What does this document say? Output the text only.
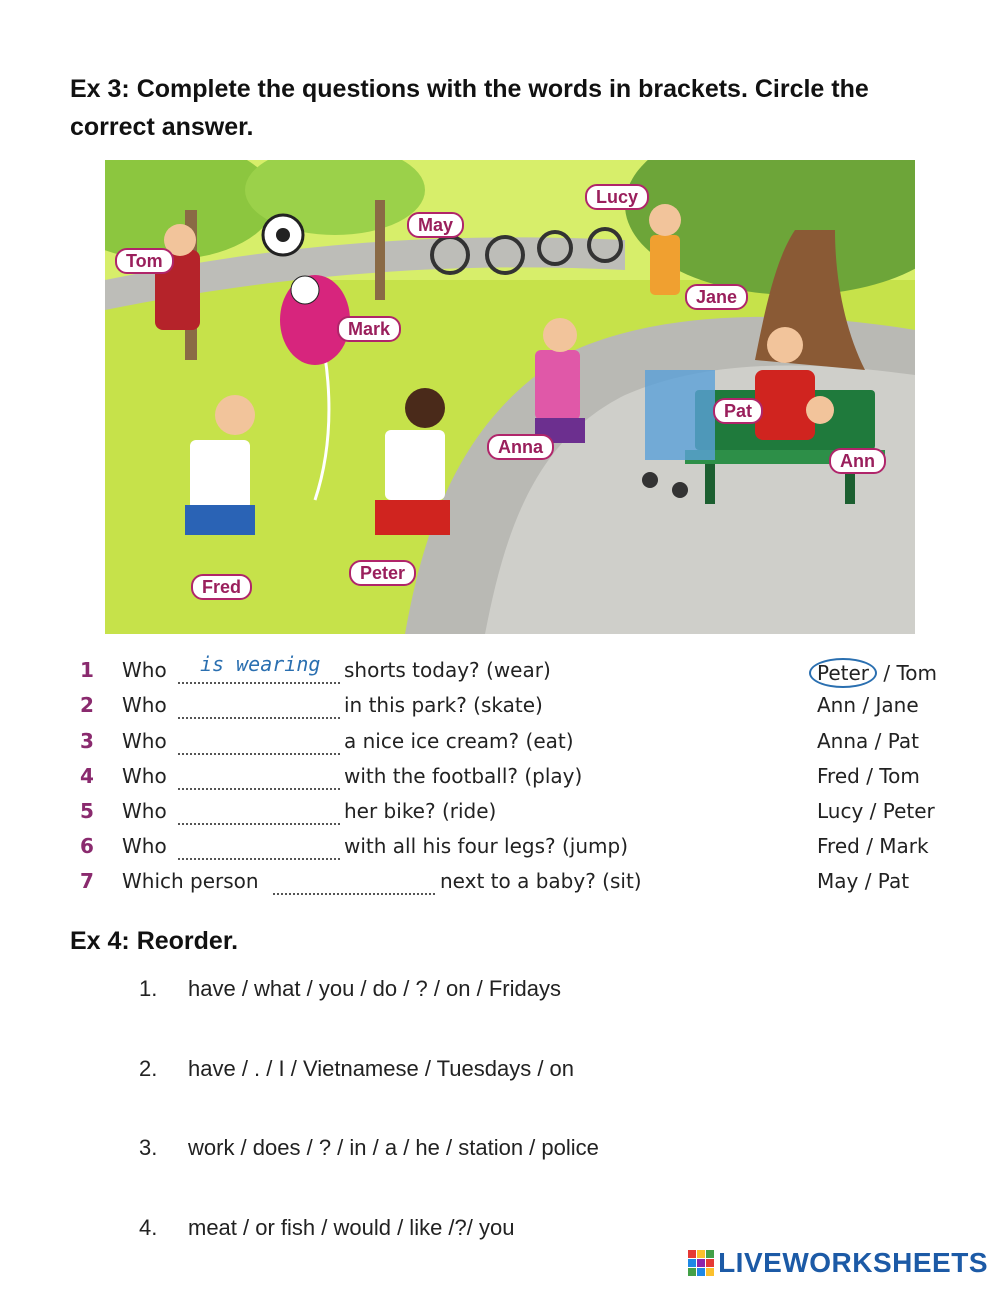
Ex 3: Complete the questions with the words in brackets. Circle the correct answer.
Tom
May
Lucy
Mark
Jane
Pat
Anna
Ann
Fred
Peter
1 Who is wearing shorts today? (wear)	Peter / Tom
2 Who	in this park? (skate)	Ann / Jane
3 Who	a nice ice cream? (eat)	Anna / Pat
4 Who	with the football? (play)	Fred / Tom
5 Who	her bike? (ride)	Lucy / Peter
6 Who	with all his four legs? (jump)	Fred / Mark
7 Which person	next to a baby? (sit)	May / Pat
Ex 4: Reorder.
1. have / what / you / do / ? / on / Fridays
2. have / . / I / Vietnamese / Tuesdays / on
3. work / does / ? / in / a / he / station / police
4. meat / or fish / would / like /?/ you
LIVEWORKSHEETS
